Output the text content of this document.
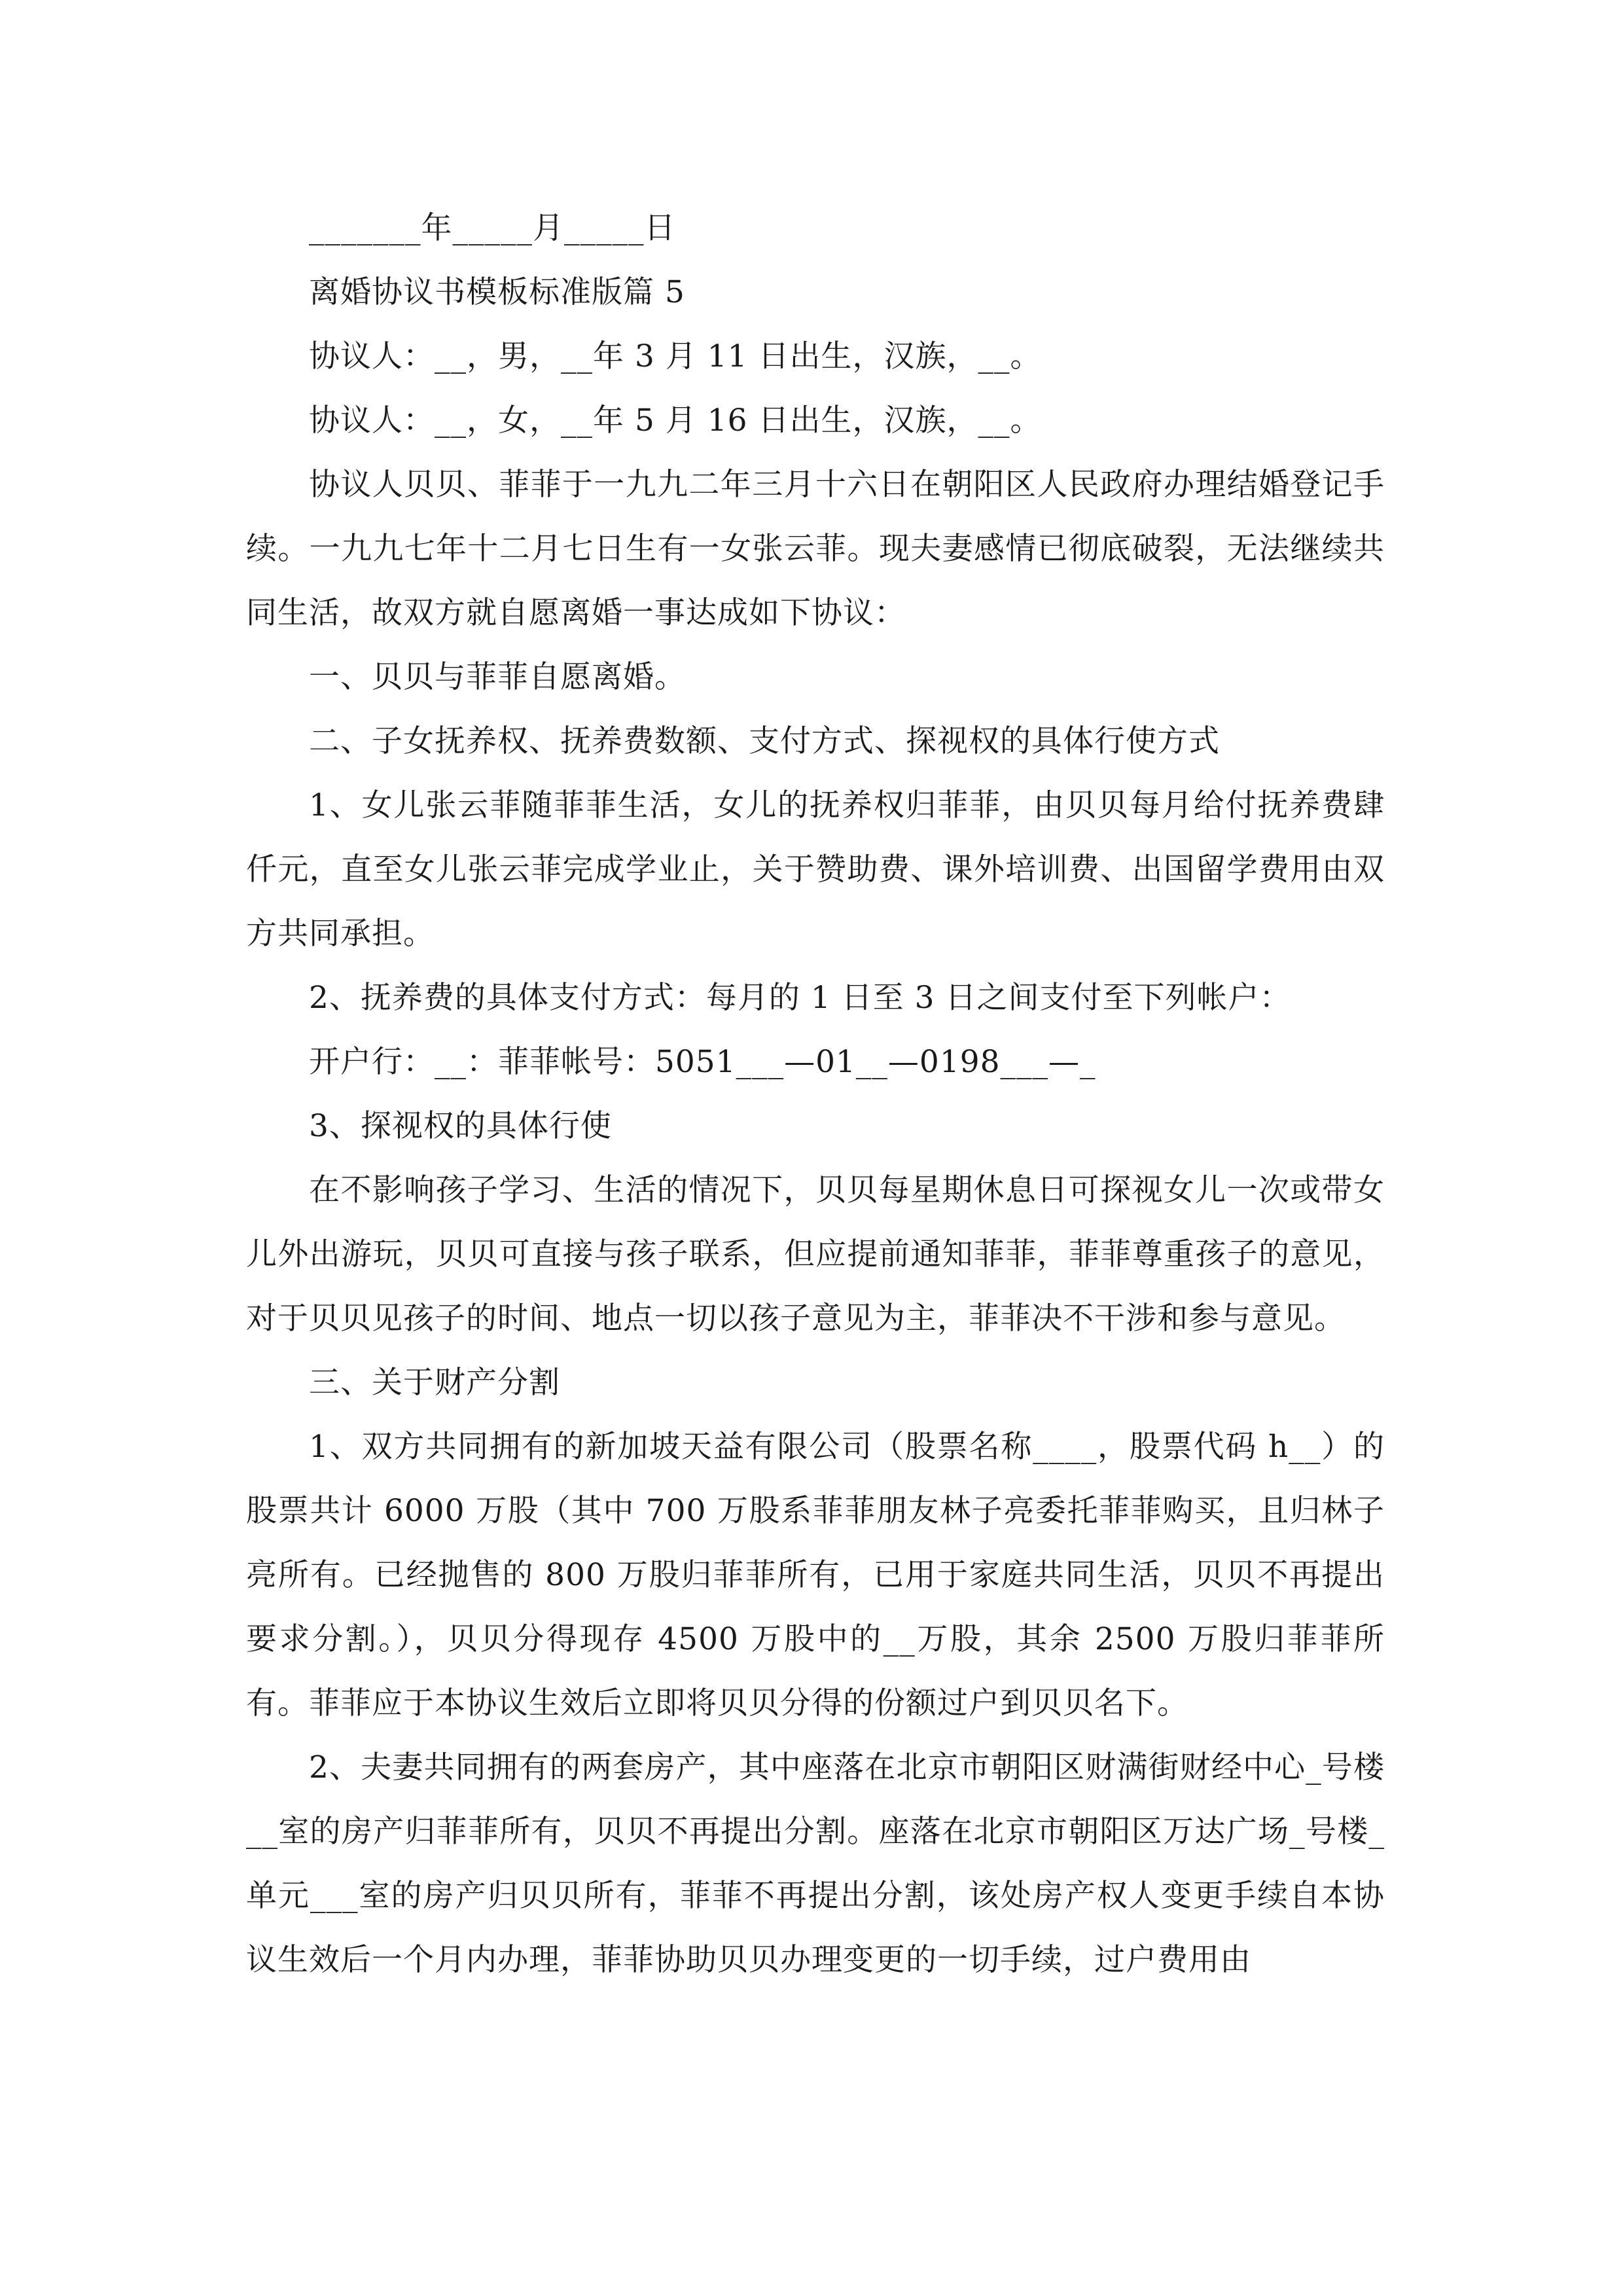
_______年_____月_____日

离婚协议书模板标准版篇 5

协议人：__，男，__年 3 月 11 日出生，汉族，__。

协议人：__，女，__年 5 月 16 日出生，汉族，__。

协议人贝贝、菲菲于一九九二年三月十六日在朝阳区人民政府办理结婚登记手续。一九九七年十二月七日生有一女张云菲。现夫妻感情已彻底破裂，无法继续共同生活，故双方就自愿离婚一事达成如下协议：

一、贝贝与菲菲自愿离婚。

二、子女抚养权、抚养费数额、支付方式、探视权的具体行使方式

1、女儿张云菲随菲菲生活，女儿的抚养权归菲菲，由贝贝每月给付抚养费肆仟元，直至女儿张云菲完成学业止，关于赞助费、课外培训费、出国留学费用由双方共同承担。

2、抚养费的具体支付方式：每月的 1 日至 3 日之间支付至下列帐户：

开户行：__：菲菲帐号：5051___—01__—0198___—_

3、探视权的具体行使

在不影响孩子学习、生活的情况下，贝贝每星期休息日可探视女儿一次或带女儿外出游玩，贝贝可直接与孩子联系，但应提前通知菲菲，菲菲尊重孩子的意见，对于贝贝见孩子的时间、地点一切以孩子意见为主，菲菲决不干涉和参与意见。

三、关于财产分割

1、双方共同拥有的新加坡天益有限公司（股票名称____，股票代码 h__）的股票共计 6000 万股（其中 700 万股系菲菲朋友林子亮委托菲菲购买，且归林子亮所有。已经抛售的 800 万股归菲菲所有，已用于家庭共同生活，贝贝不再提出要求分割。），贝贝分得现存 4500 万股中的__万股，其余 2500 万股归菲菲所有。菲菲应于本协议生效后立即将贝贝分得的份额过户到贝贝名下。

2、夫妻共同拥有的两套房产，其中座落在北京市朝阳区财满街财经中心_号楼__室的房产归菲菲所有，贝贝不再提出分割。座落在北京市朝阳区万达广场_号楼_单元___室的房产归贝贝所有，菲菲不再提出分割，该处房产权人变更手续自本协议生效后一个月内办理，菲菲协助贝贝办理变更的一切手续，过户费用由
